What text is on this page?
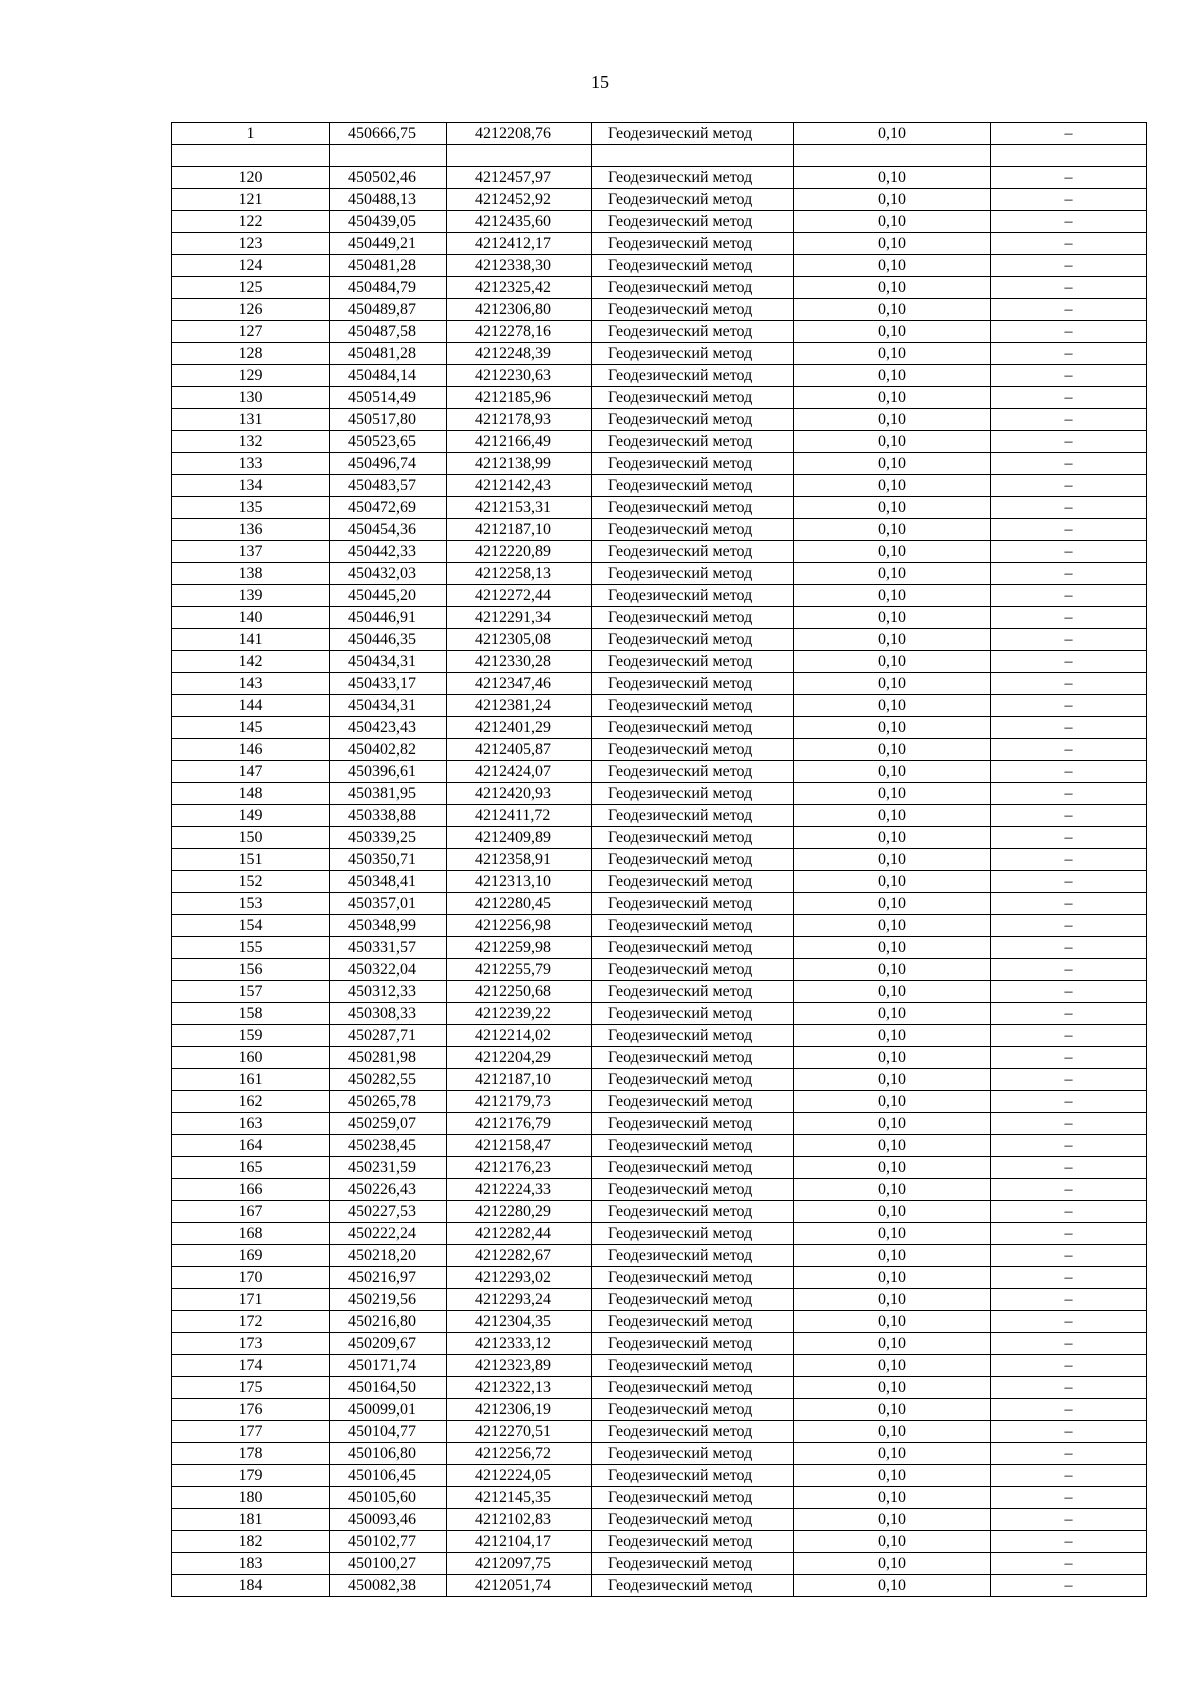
15
1	450666,75	4212208,76	Геодезический метод	0,10	–

120	450502,46	4212457,97	Геодезический метод	0,10	–
121	450488,13	4212452,92	Геодезический метод	0,10	–
122	450439,05	4212435,60	Геодезический метод	0,10	–
123	450449,21	4212412,17	Геодезический метод	0,10	–
124	450481,28	4212338,30	Геодезический метод	0,10	–
125	450484,79	4212325,42	Геодезический метод	0,10	–
126	450489,87	4212306,80	Геодезический метод	0,10	–
127	450487,58	4212278,16	Геодезический метод	0,10	–
128	450481,28	4212248,39	Геодезический метод	0,10	–
129	450484,14	4212230,63	Геодезический метод	0,10	–
130	450514,49	4212185,96	Геодезический метод	0,10	–
131	450517,80	4212178,93	Геодезический метод	0,10	–
132	450523,65	4212166,49	Геодезический метод	0,10	–
133	450496,74	4212138,99	Геодезический метод	0,10	–
134	450483,57	4212142,43	Геодезический метод	0,10	–
135	450472,69	4212153,31	Геодезический метод	0,10	–
136	450454,36	4212187,10	Геодезический метод	0,10	–
137	450442,33	4212220,89	Геодезический метод	0,10	–
138	450432,03	4212258,13	Геодезический метод	0,10	–
139	450445,20	4212272,44	Геодезический метод	0,10	–
140	450446,91	4212291,34	Геодезический метод	0,10	–
141	450446,35	4212305,08	Геодезический метод	0,10	–
142	450434,31	4212330,28	Геодезический метод	0,10	–
143	450433,17	4212347,46	Геодезический метод	0,10	–
144	450434,31	4212381,24	Геодезический метод	0,10	–
145	450423,43	4212401,29	Геодезический метод	0,10	–
146	450402,82	4212405,87	Геодезический метод	0,10	–
147	450396,61	4212424,07	Геодезический метод	0,10	–
148	450381,95	4212420,93	Геодезический метод	0,10	–
149	450338,88	4212411,72	Геодезический метод	0,10	–
150	450339,25	4212409,89	Геодезический метод	0,10	–
151	450350,71	4212358,91	Геодезический метод	0,10	–
152	450348,41	4212313,10	Геодезический метод	0,10	–
153	450357,01	4212280,45	Геодезический метод	0,10	–
154	450348,99	4212256,98	Геодезический метод	0,10	–
155	450331,57	4212259,98	Геодезический метод	0,10	–
156	450322,04	4212255,79	Геодезический метод	0,10	–
157	450312,33	4212250,68	Геодезический метод	0,10	–
158	450308,33	4212239,22	Геодезический метод	0,10	–
159	450287,71	4212214,02	Геодезический метод	0,10	–
160	450281,98	4212204,29	Геодезический метод	0,10	–
161	450282,55	4212187,10	Геодезический метод	0,10	–
162	450265,78	4212179,73	Геодезический метод	0,10	–
163	450259,07	4212176,79	Геодезический метод	0,10	–
164	450238,45	4212158,47	Геодезический метод	0,10	–
165	450231,59	4212176,23	Геодезический метод	0,10	–
166	450226,43	4212224,33	Геодезический метод	0,10	–
167	450227,53	4212280,29	Геодезический метод	0,10	–
168	450222,24	4212282,44	Геодезический метод	0,10	–
169	450218,20	4212282,67	Геодезический метод	0,10	–
170	450216,97	4212293,02	Геодезический метод	0,10	–
171	450219,56	4212293,24	Геодезический метод	0,10	–
172	450216,80	4212304,35	Геодезический метод	0,10	–
173	450209,67	4212333,12	Геодезический метод	0,10	–
174	450171,74	4212323,89	Геодезический метод	0,10	–
175	450164,50	4212322,13	Геодезический метод	0,10	–
176	450099,01	4212306,19	Геодезический метод	0,10	–
177	450104,77	4212270,51	Геодезический метод	0,10	–
178	450106,80	4212256,72	Геодезический метод	0,10	–
179	450106,45	4212224,05	Геодезический метод	0,10	–
180	450105,60	4212145,35	Геодезический метод	0,10	–
181	450093,46	4212102,83	Геодезический метод	0,10	–
182	450102,77	4212104,17	Геодезический метод	0,10	–
183	450100,27	4212097,75	Геодезический метод	0,10	–
184	450082,38	4212051,74	Геодезический метод	0,10	–
